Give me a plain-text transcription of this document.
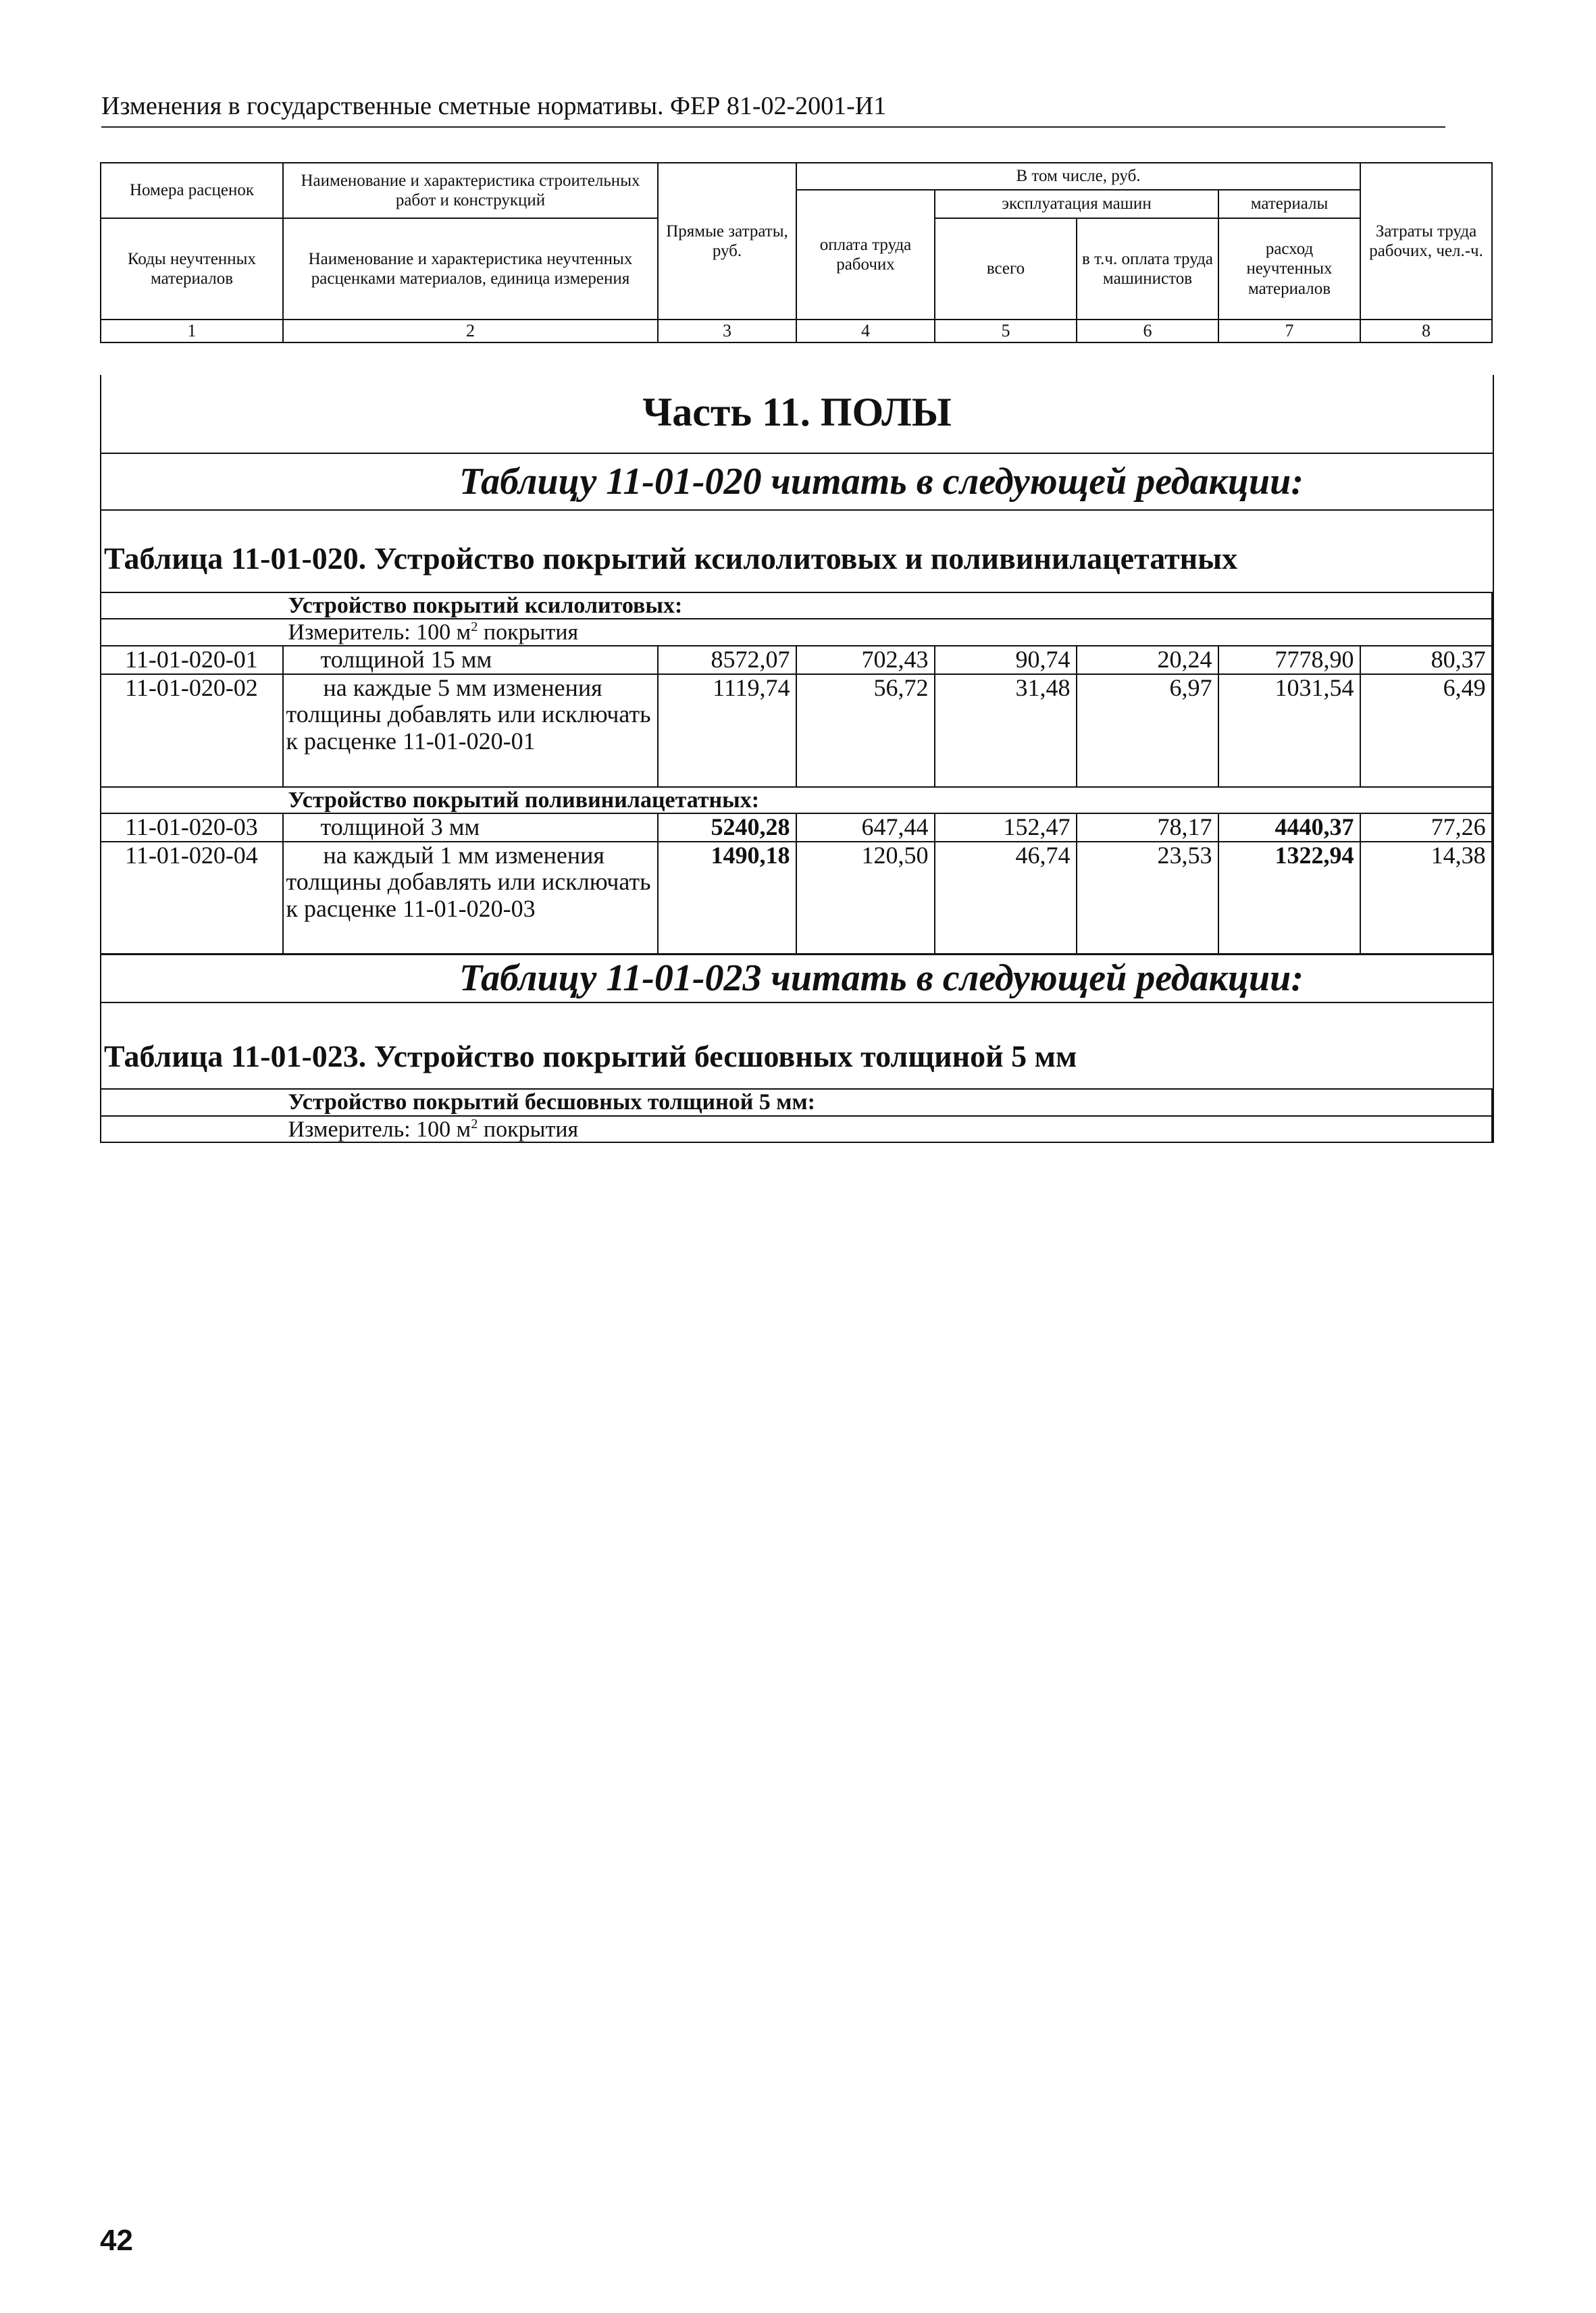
Изменения в государственные сметные нормативы. ФЕР 81-02-2001-И1
Номера расценок	Наименование и характеристика строительных работ и конструкций	Прямые затраты, руб.	В том числе, руб.				Затраты труда рабочих, чел.-ч.
			оплата труда рабочих	эксплуатация машин		материалы	
Коды неучтенных материалов	Наименование и характеристика неучтенных расценками материалов, единица измерения			всего	в т.ч. оплата труда машинистов	расход неучтенных материалов	

1	2	3	4	5	6	7	8
Часть 11. ПОЛЫ
Таблицу 11-01-020 читать в следующей редакции:
Таблица 11-01-020. Устройство покрытий ксилолитовых и поливинилацетатных
	Устройство покрытий ксилолитовых:						
	Измеритель: 100 $м^2$ покрытия						
11-01-020-01	толщиной 15 мм	8572,07	702,43	90,74	20,24	7778,90	80,37
11-01-020-02	на каждые 5 мм изменения толщины добавлять или исключать к расценке 11-01-020-01	1119,74	56,72	31,48	6,97	1031,54	6,49
	Устройство покрытий поливинилацетатных:						
11-01-020-03	толщиной 3 мм	5240,28	647,44	152,47	78,17	4440,37	77,26
11-01-020-04	на каждый 1 мм изменения толщины добавлять или исключать к расценке 11-01-020-03	1490,18	120,50	46,74	23,53	1322,94	14,38
Таблицу 11-01-023 читать в следующей редакции:
Таблица 11-01-023. Устройство покрытий бесшовных толщиной 5 мм
	Устройство покрытий бесшовных толщиной 5 мм:
	Измеритель: 100 $м^2$ покрытия
42
